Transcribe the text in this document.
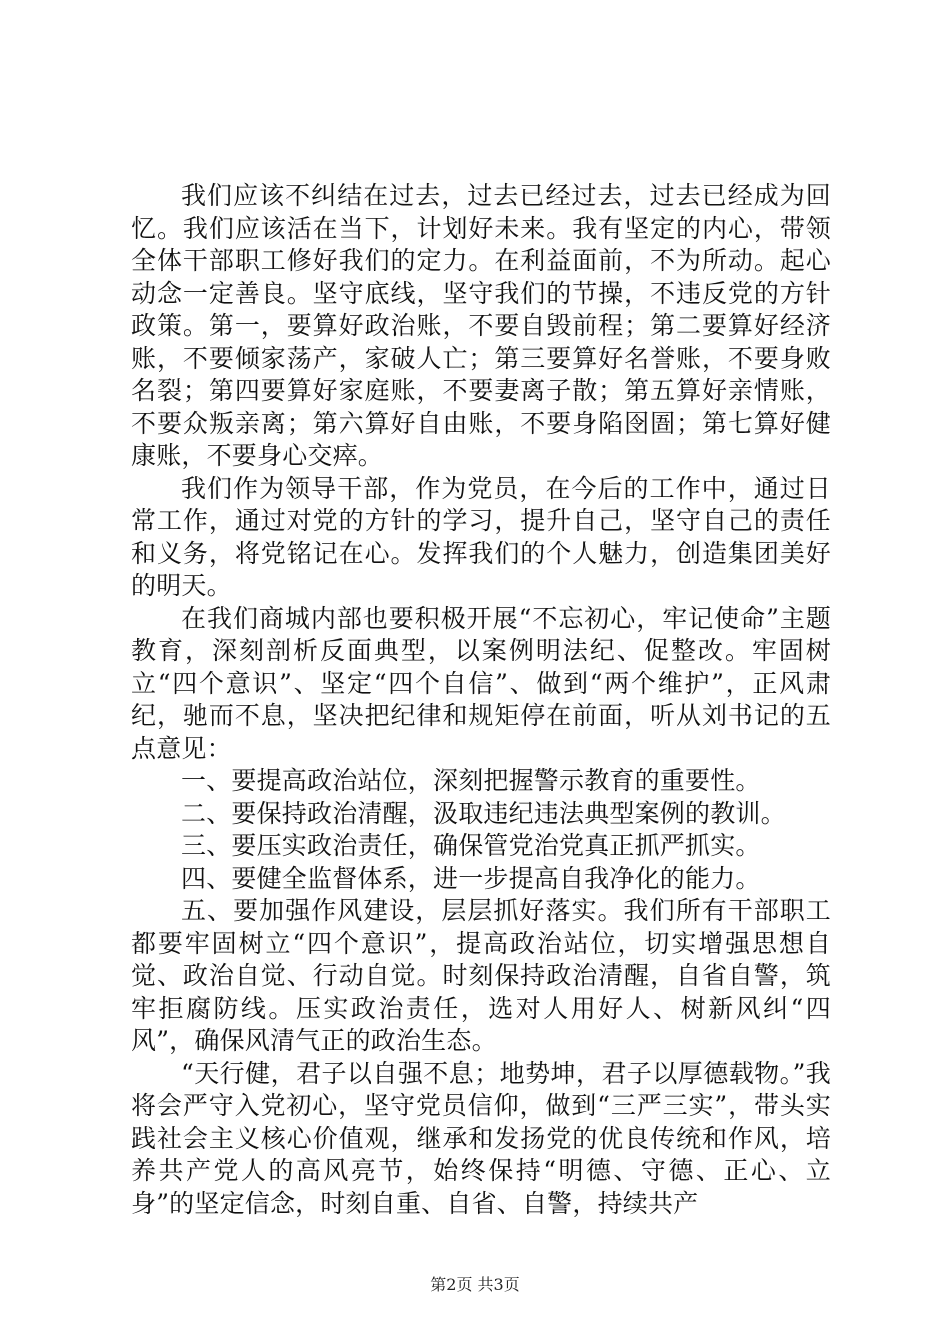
我们应该不纠结在过去，过去已经过去，过去已经成为回忆。我们应该活在当下，计划好未来。我有坚定的内心，带领全体干部职工修好我们的定力。在利益面前，不为所动。起心动念一定善良。坚守底线，坚守我们的节操，不违反党的方针政策。第一，要算好政治账，不要自毁前程；第二要算好经济账，不要倾家荡产，家破人亡；第三要算好名誉账，不要身败名裂；第四要算好家庭账，不要妻离子散；第五算好亲情账，不要众叛亲离；第六算好自由账，不要身陷囹圄；第七算好健康账，不要身心交瘁。

我们作为领导干部，作为党员，在今后的工作中，通过日常工作，通过对党的方针的学习，提升自己，坚守自己的责任和义务，将党铭记在心。发挥我们的个人魅力，创造集团美好的明天。

在我们商城内部也要积极开展“不忘初心，牢记使命”主题教育，深刻剖析反面典型，以案例明法纪、促整改。牢固树立“四个意识”、坚定“四个自信”、做到“两个维护”，正风肃纪，驰而不息，坚决把纪律和规矩停在前面，听从刘书记的五点意见：

一、要提高政治站位，深刻把握警示教育的重要性。

二、要保持政治清醒，汲取违纪违法典型案例的教训。

三、要压实政治责任，确保管党治党真正抓严抓实。

四、要健全监督体系，进一步提高自我净化的能力。

五、要加强作风建设，层层抓好落实。我们所有干部职工都要牢固树立“四个意识”，提高政治站位，切实增强思想自觉、政治自觉、行动自觉。时刻保持政治清醒，自省自警，筑牢拒腐防线。压实政治责任，选对人用好人、树新风纠“四风”，确保风清气正的政治生态。

“天行健，君子以自强不息；地势坤，君子以厚德载物。”我将会严守入党初心，坚守党员信仰，做到“三严三实”，带头实践社会主义核心价值观，继承和发扬党的优良传统和作风，培养共产党人的高风亮节，始终保持“明德、守德、正心、立身”的坚定信念，时刻自重、自省、自警，持续共产

第2页 共3页
